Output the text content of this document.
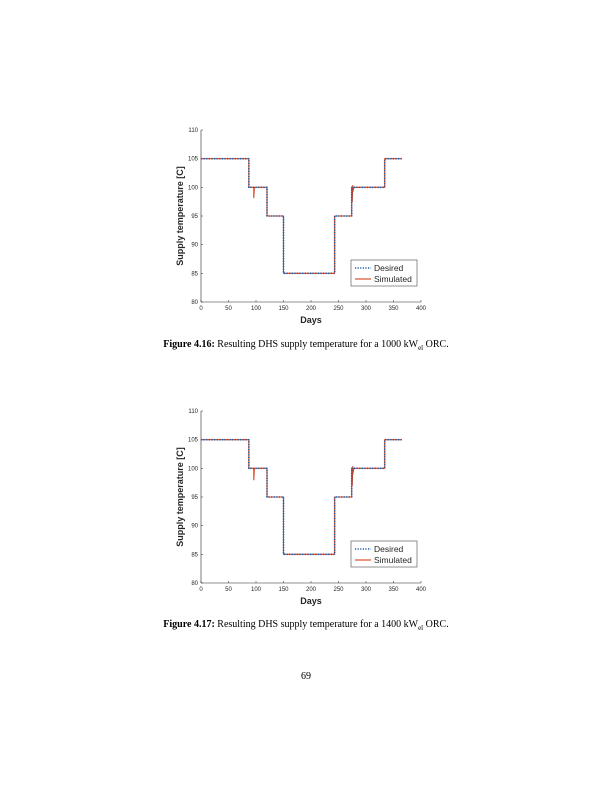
0	50	100	150	200	250	300	350	400
80
85
90
95
100
105
110
Days
Supply temperature [C]
Desired
Simulated
Figure 4.16: Resulting DHS supply temperature for a 1000 $kW_{el}$ ORC.
0	50	100	150	200	250	300	350	400
80
85
90
95
100
105
110
Days
Supply temperature [C]
Desired
Simulated
Figure 4.17: Resulting DHS supply temperature for a 1400 $kW_{el}$ ORC.
69
